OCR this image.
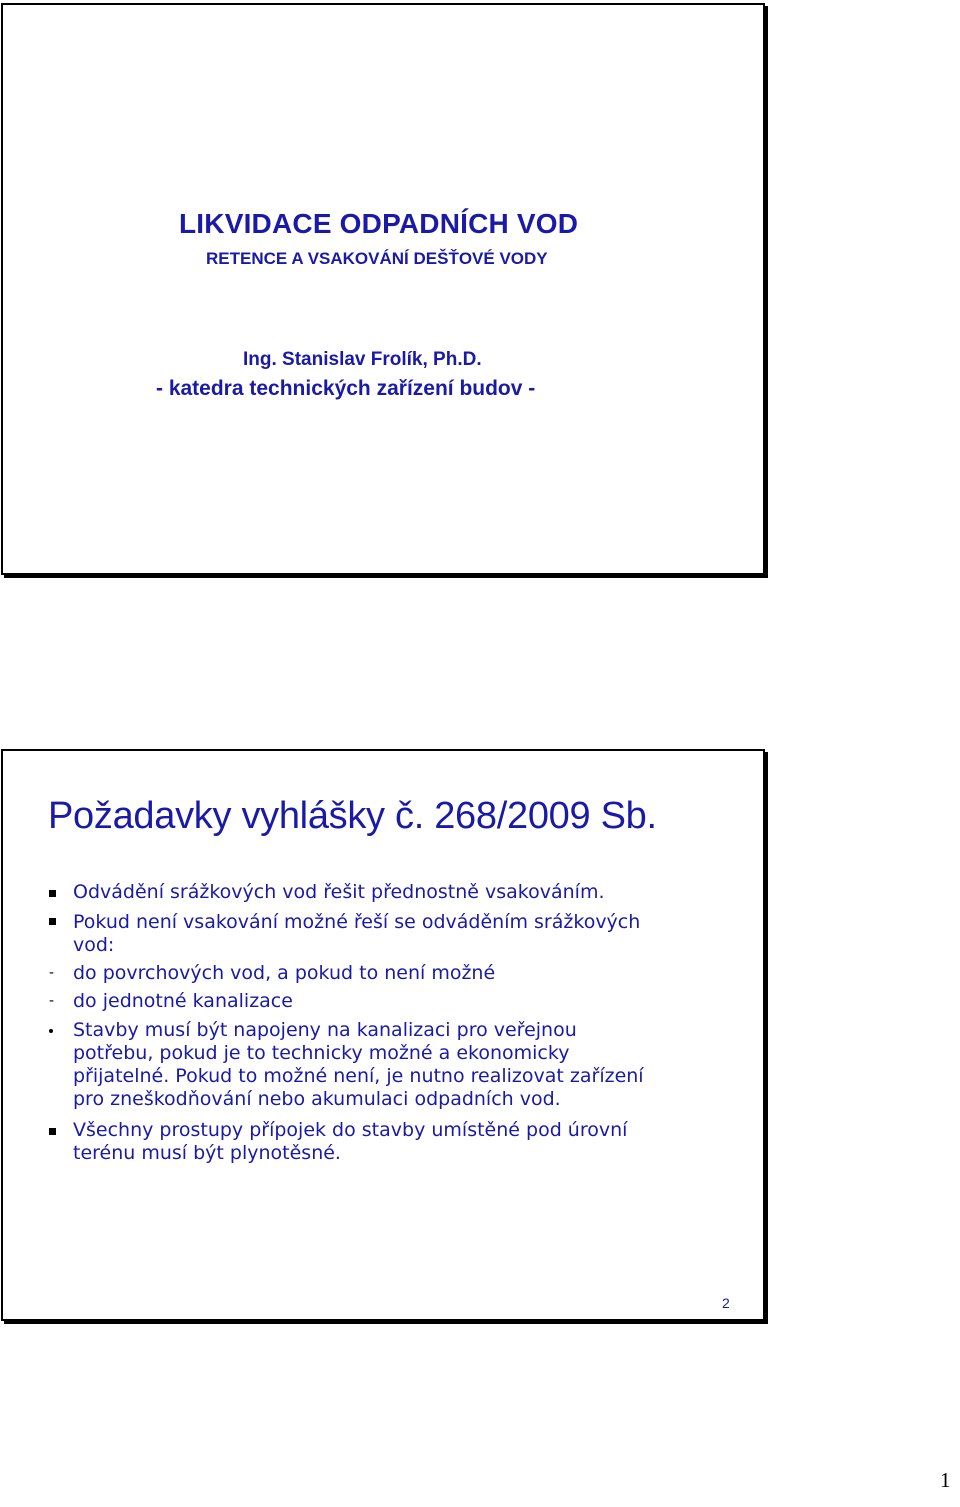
LIKVIDACE ODPADNÍCH VOD
RETENCE A VSAKOVÁNÍ DEŠŤOVÉ VODY
Ing. Stanislav Frolík, Ph.D.
- katedra technických zařízení budov -
Požadavky vyhlášky č. 268/2009 Sb.
Odvádění srážkových vod řešit přednostně vsakováním.
Pokud není vsakování možné řeší se odváděním srážkových
vod:
- do povrchových vod, a pokud to není možné
- do jednotné kanalizace
Stavby musí být napojeny na kanalizaci pro veřejnou
potřebu, pokud je to technicky možné a ekonomicky
přijatelné. Pokud to možné není, je nutno realizovat zařízení
pro zneškodňování nebo akumulaci odpadních vod.
Všechny prostupy přípojek do stavby umístěné pod úrovní
terénu musí být plynotěsné.
2
1
